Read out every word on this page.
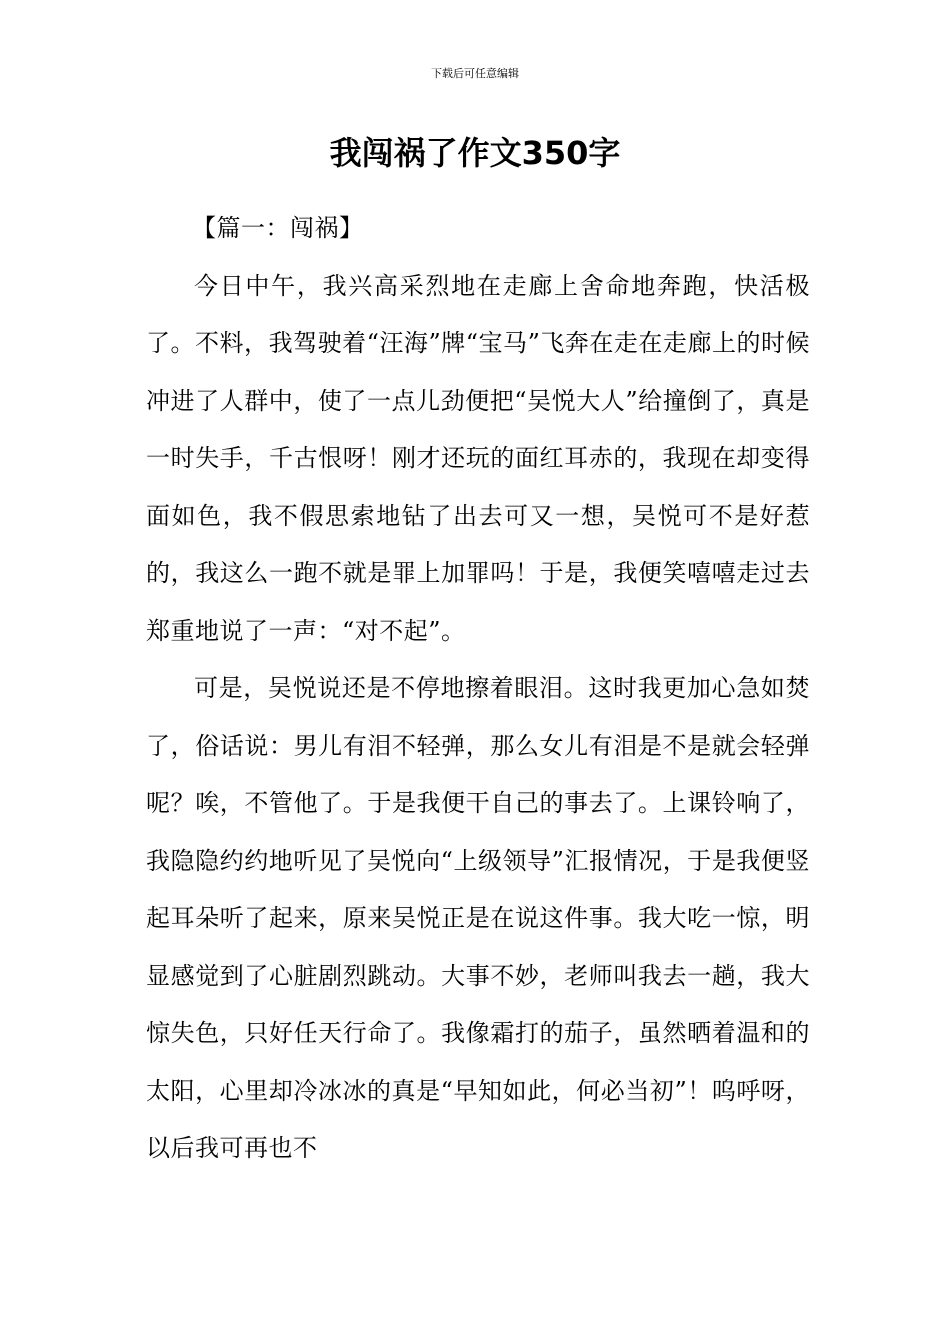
下载后可任意编辑
我闯祸了作文350字

【篇一：闯祸】

今日中午，我兴高采烈地在走廊上舍命地奔跑，快活极了。不料，我驾驶着“汪海”牌“宝马”飞奔在走在走廊上的时候冲进了人群中，使了一点儿劲便把“吴悦大人”给撞倒了，真是一时失手，千古恨呀！刚才还玩的面红耳赤的，我现在却变得面如色，我不假思索地钻了出去可又一想，吴悦可不是好惹的，我这么一跑不就是罪上加罪吗！于是，我便笑嘻嘻走过去郑重地说了一声：“对不起”。

可是，吴悦说还是不停地擦着眼泪。这时我更加心急如焚了，俗话说：男儿有泪不轻弹，那么女儿有泪是不是就会轻弹呢？唉，不管他了。于是我便干自己的事去了。上课铃响了，我隐隐约约地听见了吴悦向“上级领导”汇报情况，于是我便竖起耳朵听了起来，原来吴悦正是在说这件事。我大吃一惊，明显感觉到了心脏剧烈跳动。大事不妙，老师叫我去一趟，我大惊失色，只好任天行命了。我像霜打的茄子，虽然晒着温和的太阳，心里却冷冰冰的真是“早知如此，何必当初”！呜呼呀，以后我可再也不
